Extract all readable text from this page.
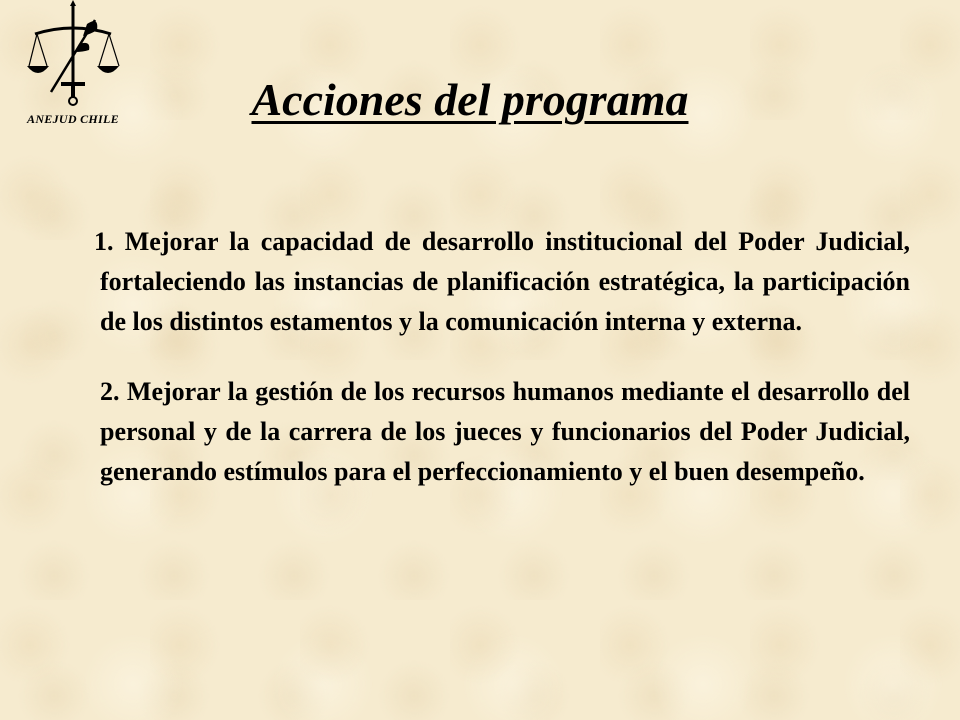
ANEJUD CHILE	Acciones del programa

1. Mejorar la capacidad de desarrollo institucional del Poder Judicial, fortaleciendo las instancias de planificación estratégica, la participación de los distintos estamentos y la comunicación interna y externa.

2. Mejorar la gestión de los recursos humanos mediante el desarrollo del personal y de la carrera de los jueces y funcionarios del Poder Judicial, generando estímulos para el perfeccionamiento y el buen desempeño.
